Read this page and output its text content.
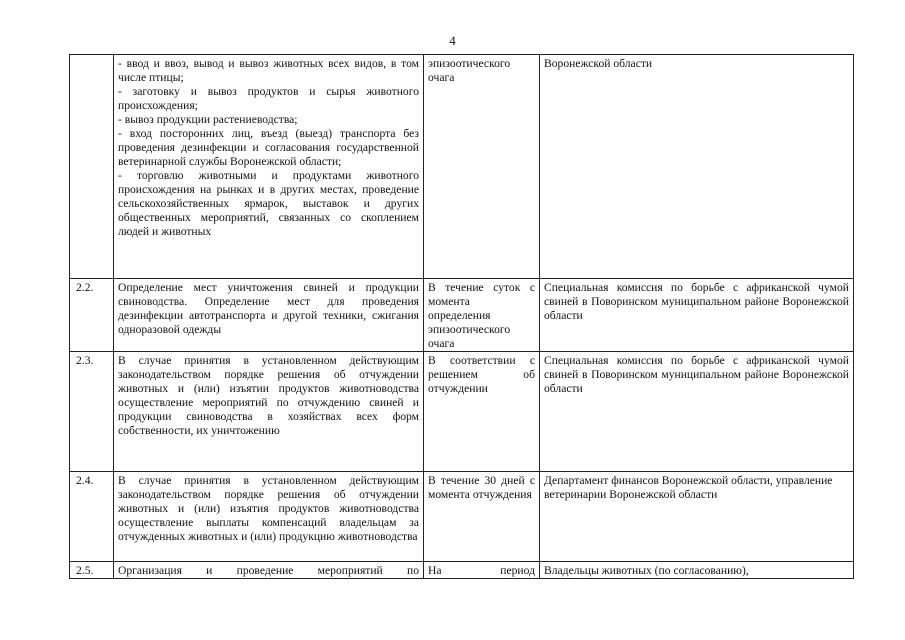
4

	- ввод и ввоз, вывод и вывоз животных всех видов, в том числе птицы;
- заготовку и вывоз продуктов и сырья животного происхождения;
- вывоз продукции растениеводства;
- вход посторонних лиц, въезд (выезд) транспорта без проведения дезинфекции и согласования государственной ветеринарной службы Воронежской области;
- торговлю животными и продуктами животного происхождения на рынках и в других местах, проведение сельскохозяйственных ярмарок, выставок и других общественных мероприятий, связанных со скоплением людей и животных	эпизоотического очага	Воронежской области
2.2.	Определение мест уничтожения свиней и продукции свиноводства. Определение мест для проведения дезинфекции автотранспорта и другой техники, сжигания одноразовой одежды	В течение суток с момента определения эпизоотического очага	Специальная комиссия по борьбе с африканской чумой свиней в Поворинском муниципальном районе Воронежской области
2.3.	В случае принятия в установленном действующим законодательством порядке решения об отчуждении животных и (или) изъятии продуктов животноводства осуществление мероприятий по отчуждению свиней и продукции свиноводства в хозяйствах всех форм собственности, их уничтожению	В соответствии с решением об отчуждении	Специальная комиссия по борьбе с африканской чумой свиней в Поворинском муниципальном районе Воронежской области
2.4.	В случае принятия в установленном действующим законодательством порядке решения об отчуждении животных и (или) изъятия продуктов животноводства осуществление выплаты компенсаций владельцам за отчужденных животных и (или) продукцию животноводства	В течение 30 дней с момента отчуждения	Департамент финансов Воронежской области, управление ветеринарии Воронежской области
2.5.	Организация и проведение мероприятий по	На период	Владельцы животных (по согласованию),
